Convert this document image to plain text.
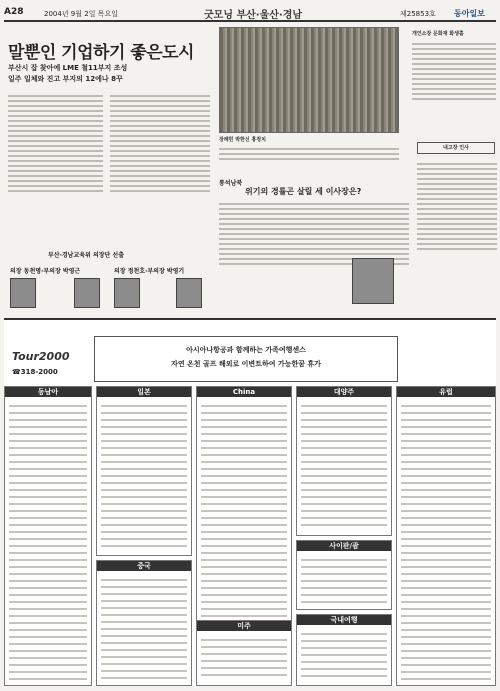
A28	2004년 9월 2일 목요일	굿모닝 부산·울산·경남	제25853호 동아일보
말뿐인 기업하기 좋은도시
부산시 잡 찾아에 LME 철11부지 조성
일주 일체와 진고 부지의 12에나 8꾸
장례힌 박한신 홍정치
개인소장 문화재 화생흘
내고장 인사
부산·경남교육위 의장단 선출
의장 동천명·부의장 박영근	의장 정천호·부의장 박영기
통석남북
위기의 경률곤 살릴 세 이사장은?
Tour2000
☎318-2000
아시아나항공과 함께하는 가족여행센스
자연 온천 골프 해외로 이변트하여 가능한꿈 휴가
동남아	일본	China	대양주	유럽
중국
사이판/괌
국내여행
미주
